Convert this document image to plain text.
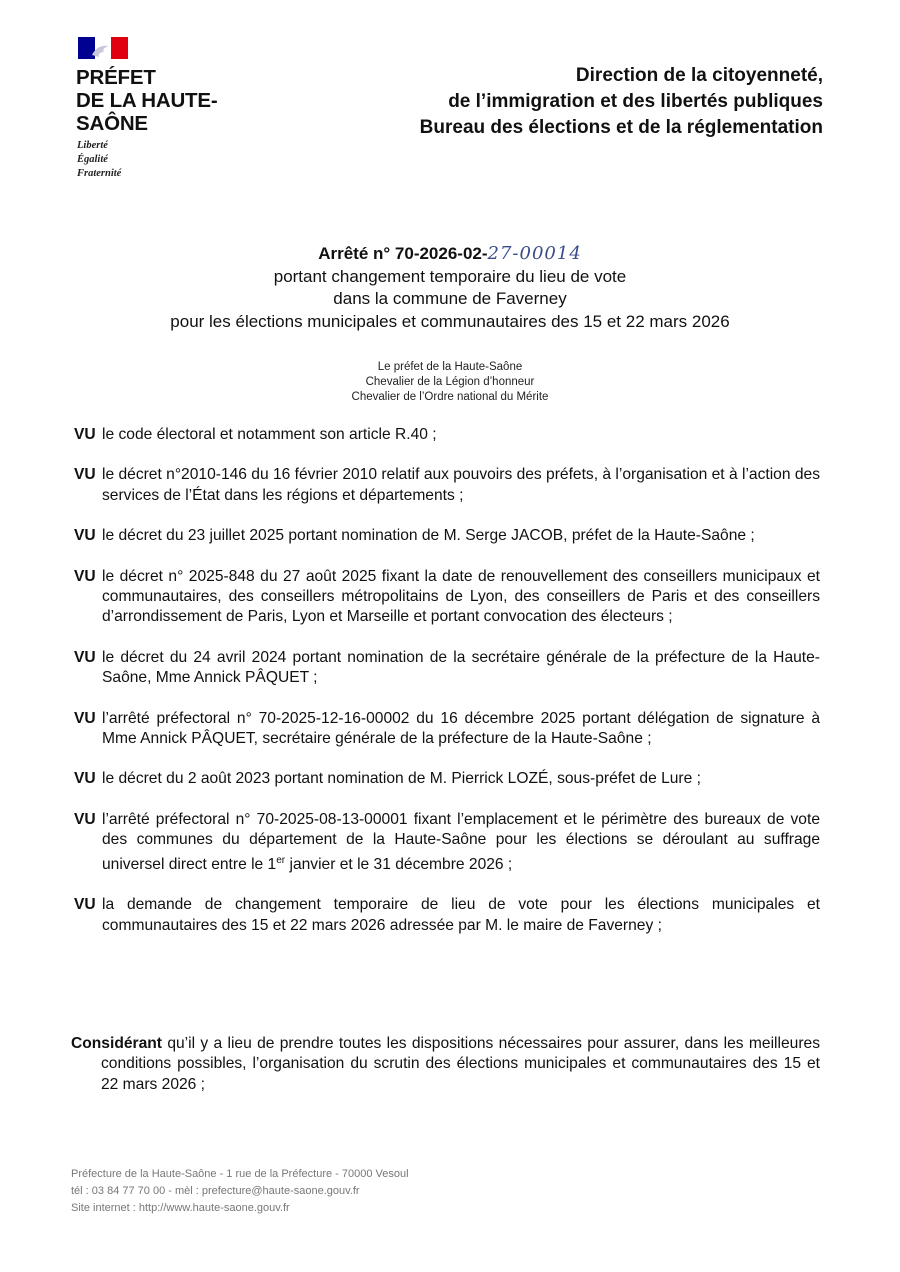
PRÉFET
DE LA HAUTE-
SAÔNE
Liberté
Égalité
Fraternité
Direction de la citoyenneté,
de l’immigration et des libertés publiques
Bureau des élections et de la réglementation
Arrêté n° 70-2026-02-27-00014
portant changement temporaire du lieu de vote
dans la commune de Faverney
pour les élections municipales et communautaires des 15 et 22 mars 2026
Le préfet de la Haute-Saône
Chevalier de la Légion d’honneur
Chevalier de l’Ordre national du Mérite
VU le code électoral et notamment son article R.40 ;
VU le décret n°2010-146 du 16 février 2010 relatif aux pouvoirs des préfets, à l’organisation et à l’action des services de l’État dans les régions et départements ;
VU le décret du 23 juillet 2025 portant nomination de M. Serge JACOB, préfet de la Haute-Saône ;
VU le décret n° 2025-848 du 27 août 2025 fixant la date de renouvellement des conseillers municipaux et communautaires, des conseillers métropolitains de Lyon, des conseillers de Paris et des conseillers d’arrondissement de Paris, Lyon et Marseille et portant convocation des électeurs ;
VU le décret du 24 avril 2024 portant nomination de la secrétaire générale de la préfecture de la Haute-Saône, Mme Annick PÂQUET ;
VU l’arrêté préfectoral n° 70-2025-12-16-00002 du 16 décembre 2025 portant délégation de signature à Mme Annick PÂQUET, secrétaire générale de la préfecture de la Haute-Saône ;
VU le décret du 2 août 2023 portant nomination de M. Pierrick LOZÉ, sous-préfet de Lure ;
VU l’arrêté préfectoral n° 70-2025-08-13-00001 fixant l’emplacement et le périmètre des bureaux de vote des communes du département de la Haute-Saône pour les élections se déroulant au suffrage universel direct entre le 1er janvier et le 31 décembre 2026 ;
VU la demande de changement temporaire de lieu de vote pour les élections municipales et communautaires des 15 et 22 mars 2026 adressée par M. le maire de Faverney ;
Considérant qu’il y a lieu de prendre toutes les dispositions nécessaires pour assurer, dans les meilleures conditions possibles, l’organisation du scrutin des élections municipales et communautaires des 15 et 22 mars 2026 ;
Préfecture de la Haute-Saône - 1 rue de la Préfecture - 70000 Vesoul
tél : 03 84 77 70 00 - mèl : prefecture@haute-saone.gouv.fr
Site internet : http://www.haute-saone.gouv.fr
